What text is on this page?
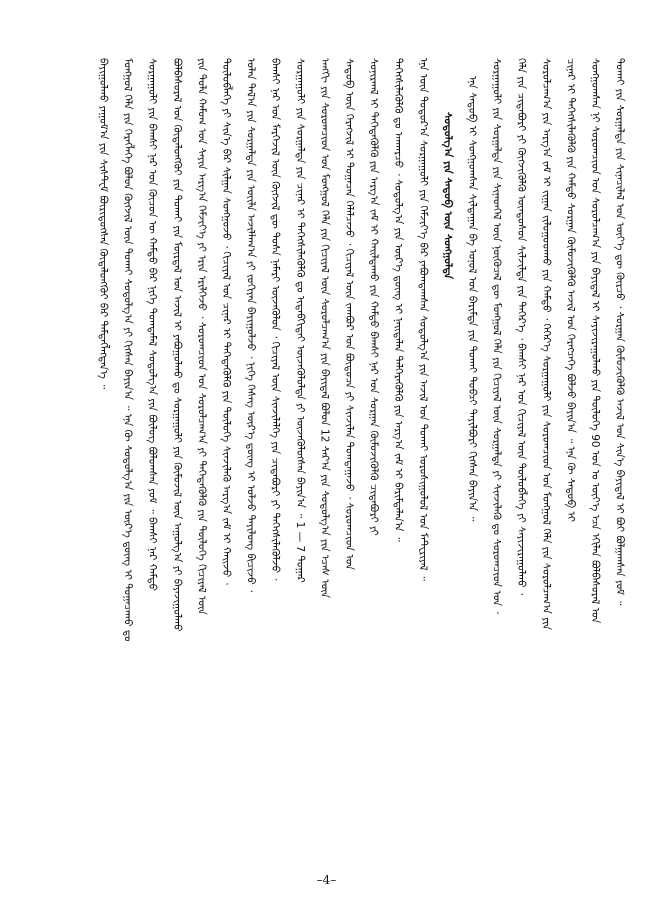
ᠪᠠᠶᠢᠭᠤᠯᠬᠤ ᠶᠠᠭᠤᠮ᠎ᠠ ᠶᠢᠨ ᠰᠢᠰᠲ᠋ᠧᠮ ᠪᠦᠷᠢᠳᠦᠭᠰᠡᠨ ᠬᠦᠳᠡᠯᠦᠩᠭᠦᠢ ᠪᠡᠷ ᠲᠡᠮᠳᠡᠭᠯᠡᠭᠳᠡᠨ᠎ᠡ ᠃ ᠮᠣᠩᠭᠣᠯ ᠬᠡᠯᠡ ᠶᠢᠨ ᠬᠡᠷᠡᠭᠯᠡᠭᠡ ᠪᠣᠯᠤᠨ ᠬᠥᠭᠵᠢᠯ ᠦᠨ ᠲᠤᠬᠠᠢ ᠰᠤᠳᠤᠯᠭ᠎ᠠ ᠶᠢ ᠬᠢᠭᠰᠡᠨ ᠪᠠᠶᠢᠨ᠎ᠠ ᠃ ᠡᠨᠡ ᠬᠦ ᠰᠤᠳᠤᠯᠭ᠎ᠠ ᠶᠢᠨ ᠦᠷ᠎ᠡ ᠳ᠋ᠦᠩ ᠢ ᠲᠣᠭᠠᠴᠠᠬᠤ ᠳᠤ ᠰᠤᠷᠭᠠᠭᠤᠯᠢ ᠶᠢᠨ ᠪᠠᠭᠰᠢ ᠨᠠᠷ ᠤᠨ ᠬᠦᠴᠦᠨ ᠦ ᠬᠠᠮᠲᠤ ᠪᠡᠷ ᠨᠢᠭᠡ ᠲᠣᠭᠲᠠᠮᠠᠯ ᠰᠤᠳᠤᠯᠭ᠎ᠠ ᠶᠢᠨ ᠪᠦᠯᠦᠭ ᠪᠣᠯᠤᠭᠰᠠᠨ ᠶᠤᠮ ᠃ ᠪᠠᠭᠰᠢ ᠨᠠᠷ ᠬᠠᠮᠲᠤ ᠪᠣᠯᠪᠠᠰᠤᠷᠠᠯ ᠤᠨ ᠬᠥᠳᠡᠯᠦᠩᠭᠦᠢ ᠶᠢᠨ ᠲᠤᠬᠠᠢ ᠶᠢᠨ ᠮᠥᠷᠳᠡᠯ ᠤᠨ ᠠᠵᠢᠯ ᠢ ᠶᠠᠪᠤᠭᠤᠯᠬᠤ ᠳᠤ ᠰᠤᠷᠭᠠᠭᠤᠯᠢ ᠶᠢᠨ ᠬᠦᠮᠦᠵᠢᠯ ᠦᠨ ᠠᠭᠤᠯᠭ᠎ᠠ ᠶᠢ ᠪᠠᠶᠠᠵᠢᠭᠤᠯᠬᠤ ᠶᠢᠨ ᠲᠤᠯᠠ ᠬᠠᠮᠤᠭ ᠤᠨ ᠰᠠᠶᠢᠨ ᠠᠷᠭ᠎ᠠ ᠬᠡᠮᠵᠢᠶ᠎ᠡ ᠶᠢ ᠡᠷᠢᠨ ᠡᠷᠢᠯᠬᠡᠵᠦ ᠂ ᠰᠤᠷᠤᠭᠴᠢᠳ ᠤᠨ ᠰᠤᠷᠤᠯᠴᠠᠭ᠎ᠠ ᠶᠢ ᠳᠡᠭᠡᠳᠡᠭᠦᠯᠬᠦ ᠶᠢᠨ ᠲᠥᠯᠦᠭᠡ ᠬᠢᠴᠢᠶᠡᠯ ᠦᠨ ᠲᠥᠯᠥᠪᠯᠡᠭᠡ ᠶᠢ ᠰᠢᠨ᠎ᠡ ᠪᠡᠷ ᠰᠢᠯᠭᠠᠨ ᠰᠣᠩᠭᠣᠵᠤ ᠂ ᠬᠢᠴᠢᠶᠡᠯ ᠤᠨ ᠴᠢᠨᠠᠷ ᠢ ᠳᠡᠭᠡᠳᠡᠭᠦᠯᠬᠦ ᠶᠢᠨ ᠲᠥᠯᠥᠭᠡ ᠰᠢᠨᠵᠢᠯᠡᠬᠦ ᠠᠷᠭ᠎ᠠ ᠵᠠᠮ ᠢ ᠬᠠᠢᠵᠤ ᠂ ᠣᠯᠠᠨ ᠲᠠᠯ᠎ᠠ ᠶᠢᠨ ᠰᠤᠷᠭᠠᠯᠲᠠ ᠶᠢᠨ ᠦᠢᠯᠡ ᠠᠵᠢᠯᠯᠠᠭ᠎ᠠ ᠶᠢ ᠵᠣᠬᠢᠶᠠᠨ ᠪᠠᠶᠢᠭᠤᠯᠵᠤ ᠂ ᠨᠢᠭᠡ ᠬᠡᠰᠡᠭ ᠦᠷ᠎ᠡ ᠳ᠋ᠦᠩ ᠢ ᠣᠯᠵᠤ ᠲᠠᠶᠢᠯᠤᠩ ᠪᠢᠴᠢᠵᠦ ᠂ ᠪᠠᠭᠰᠢ ᠨᠠᠷ ᠤᠨ ᠮᠡᠷᠭᠡᠵᠢᠯ ᠦᠨ ᠬᠥᠭᠵᠢᠯ ᠳᠦ ᠲᠤᠰᠠ ᠨᠡᠮᠡᠷᠢ ᠦᠵᠡᠭᠦᠯᠦᠨ ᠂ ᠬᠢᠴᠢᠶᠡᠯ ᠦᠨ ᠰᠢᠨᠵᠢᠯᠡᠯᠭᠡ ᠶᠢᠨ ᠴᠢᠳᠠᠪᠤᠷᠢ ᠶᠢ ᠳᠡᠭᠡᠭᠰᠢᠯᠡᠭᠦᠯᠵᠦ ᠂ ᠰᠤᠷᠭᠠᠭᠤᠯᠢ ᠶᠢᠨ ᠰᠤᠷᠭᠠᠯᠲᠠ ᠶᠢᠨ ᠴᠢᠨᠠᠷ ᠢ ᠳᠡᠭᠡᠭᠰᠢᠯᠡᠭᠦᠯᠬᠦ ᠳᠤ ᠢᠳᠡᠪᠬᠢᠲᠡᠢ ᠦᠵᠡᠭᠦᠯᠦᠯᠲᠡ ᠶᠢ ᠦᠵᠡᠭᠦᠯᠦᠭᠰᠡᠨ ᠪᠠᠶᠢᠨ᠎ᠠ ᠃ 1 — 7 ᠳᠤᠭᠠᠷ ᠠᠩᠭᠢ ᠶᠢᠨ ᠰᠤᠷᠤᠭᠴᠢᠳ ᠤᠨ ᠮᠣᠩᠭᠣᠯ ᠬᠡᠯᠡ ᠶᠢᠨ ᠬᠢᠴᠢᠶᠡᠯ ᠦᠨ ᠰᠤᠷᠤᠯᠴᠠᠭ᠎ᠠ ᠶᠢᠨ ᠪᠠᠶᠢᠳᠠᠯ ᠪᠣᠯᠤᠨ 12 ᠰᠠᠷ᠎ᠠ ᠶᠢᠨ ᠰᠤᠳᠤᠯᠭ᠎ᠠ ᠶᠢᠨ ᠡᠴᠡᠰ ᠦᠨ ᠰᠡᠳᠦᠪ ᠦᠨ ᠬᠡᠷᠡᠭᠵᠢᠯ ᠢ ᠲᠣᠭᠠᠴᠠᠨ ᠬᠡᠯᠡᠯᠴᠡᠵᠦ ᠂ ᠬᠢᠴᠢᠶᠡᠯ ᠦᠨ ᠵᠠᠭᠪᠤᠷ ᠤᠨ ᠪᠦᠲᠦᠴᠡ ᠶᠢ ᠰᠢᠨᠵᠢᠯᠡᠨ ᠲᠣᠭᠲᠠᠭᠠᠵᠤ ᠂ ᠰᠤᠷᠤᠭᠴᠢᠳ ᠤᠨ ᠰᠣᠨᠢᠷᠬᠠᠯ ᠢ ᠳᠡᠭᠡᠳᠡᠭᠦᠯᠬᠦ ᠶᠢᠨ ᠠᠷᠭ᠎ᠠ ᠵᠠᠮ ᠢ ᠬᠠᠢᠯᠳᠠᠬᠤ ᠶᠢᠨ ᠬᠠᠮᠲᠤ ᠪᠠᠭᠰᠢ ᠨᠠᠷ ᠤᠨ ᠰᠤᠷᠭᠠᠨ ᠬᠦᠮᠦᠵᠢᠭᠦᠯᠬᠦ ᠴᠢᠳᠠᠪᠤᠷᠢ ᠶᠢ ᠳᠡᠭᠡᠭᠰᠢᠯᠡᠭᠦᠯᠬᠦ ᠳᠤ ᠠᠨᠬᠠᠷᠴᠤ ᠂ ᠰᠤᠳᠤᠯᠭ᠎ᠠ ᠶᠢᠨ ᠦᠷ᠎ᠡ ᠳ᠋ᠦᠩ ᠢ ᠨᠡᠢᠲᠡᠯᠡᠨ ᠳᠡᠯᠭᠡᠷᠡᠭᠦᠯᠬᠦ ᠶᠢᠨ ᠠᠷᠭ᠎ᠠ ᠵᠠᠮ ᠢ ᠪᠠᠷᠢᠮᠳᠠᠯᠠᠨ᠎ᠠ ᠃ ᠡᠨᠡ ᠦᠨ ᠳᠣᠲᠣᠷ᠎ᠠ ᠰᠤᠷᠭᠠᠭᠤᠯᠢ ᠶᠢᠨ ᠬᠡᠮᠵᠢᠶ᠎ᠡ ᠪᠡᠷ ᠶᠠᠪᠤᠭᠳᠠᠭᠰᠠᠨ ᠰᠤᠳᠤᠯᠭ᠎ᠠ ᠶᠢᠨ ᠠᠵᠢᠯ ᠤᠨ ᠲᠤᠬᠠᠢ ᠣᠷᠣᠰᠢᠭᠤᠯᠤᠯ ᠤᠨ ᠮᠠᠲ᠋ᠧᠷᠢᠶᠠᠯ ᠃ ᠰᠤᠳᠤᠯᠭ᠎ᠠ ᠶᠢᠨ ᠰᠡᠳᠦᠪ ᠦᠨ ᠰᠣᠩᠭᠤᠯᠲᠠ ᠡᠨᠡ ᠰᠡᠳᠦᠪ ᠢ ᠰᠣᠩᠭᠣᠭᠰᠠᠨ ᠰᠢᠯᠲᠠᠭᠠᠨ ᠪᠠ ᠣᠨᠣᠯ ᠤᠨ ᠪᠠᠷᠢᠮᠲᠠ ᠶᠢᠨ ᠲᠤᠬᠠᠢ ᠲᠣᠪᠴᠢ ᠲᠠᠶᠢᠯᠪᠤᠷᠢ ᠬᠢᠭᠰᠡᠨ ᠪᠠᠶᠢᠨ᠎ᠠ ᠃ ᠰᠤᠷᠭᠠᠭᠤᠯᠢ ᠶᠢᠨ ᠰᠤᠷᠭᠠᠯᠲᠠ ᠶᠢᠨ ᠰᠢᠨᠡᠳᠬᠡᠯ ᠦᠨ ᠨᠥᠬᠦᠴᠡᠯ ᠳᠦ ᠮᠣᠩᠭᠣᠯ ᠬᠡᠯᠡ ᠶᠢᠨ ᠬᠢᠴᠢᠶᠡᠯ ᠦᠨ ᠰᠤᠷᠭᠠᠯᠲᠠ ᠶᠢ ᠰᠢᠨᠵᠢᠯᠡᠬᠦ ᠳᠤ ᠰᠤᠷᠤᠭᠴᠢᠳ ᠤᠨ ᠂ ᠬᠡᠯᠡ ᠶᠢᠨ ᠴᠢᠳᠠᠪᠤᠷᠢ ᠶᠢ ᠬᠥᠭᠵᠢᠭᠦᠯᠬᠦ ᠦᠨᠳᠦᠰᠦᠨ ᠰᠢᠯᠵᠢᠯᠲᠡ ᠶᠢᠨ ᠳᠡᠭᠡᠷ᠎ᠡ ᠂ ᠪᠠᠭᠰᠢ ᠨᠠᠷ ᠤᠨ ᠬᠢᠴᠢᠶᠡᠯ ᠦᠨ ᠲᠥᠯᠥᠪᠯᠡᠭᠡ ᠶᠢ ᠰᠠᠶᠢᠵᠢᠷᠠᠭᠤᠯᠬᠤ ᠂ ᠰᠤᠷᠤᠯᠴᠠᠭ᠎ᠠ ᠶᠢᠨ ᠠᠷᠭ᠎ᠠ ᠵᠠᠮ ᠢ ᠵᠢᠭᠠᠨ ᠵᠢᠯᠤᠭᠤᠳᠬᠤ ᠶᠢᠨ ᠬᠠᠮᠲᠤ ᠂ ᠬᠡᠭᠡᠷ᠎ᠡ ᠰᠤᠷᠭᠠᠭᠤᠯᠢ ᠶᠢᠨ ᠰᠤᠷᠤᠭᠴᠢᠳ ᠤᠨ ᠮᠣᠩᠭᠣᠯ ᠬᠡᠯᠡ ᠶᠢᠨ ᠰᠤᠷᠤᠯᠴᠠᠭ᠎ᠠ ᠶᠢᠨ ᠴᠢᠨᠠᠷ ᠢ ᠳᠡᠭᠡᠭᠰᠢᠯᠡᠭᠦᠯᠬᠦ ᠶᠢᠨ ᠬᠠᠮᠲᠤ ᠰᠤᠷᠭᠠᠨ ᠬᠦᠮᠦᠵᠢᠭᠦᠯᠬᠦ ᠠᠵᠢᠯ ᠤᠨ ᠬᠡᠷᠡᠭᠴᠡᠭᠡ ᠪᠣᠯᠵᠤ ᠪᠠᠶᠢᠨ᠎ᠠ ᠃ ᠡᠨᠡ ᠬᠦ ᠰᠡᠳᠦᠪ ᠢ ᠰᠣᠩᠭᠣᠭᠰᠠᠨ ᠨᠢ ᠰᠤᠷᠤᠭᠴᠢᠳ ᠤᠨ ᠰᠤᠷᠤᠯᠴᠠᠭ᠎ᠠ ᠶᠢᠨ ᠪᠠᠶᠢᠳᠠᠯ ᠢ ᠰᠠᠶᠢᠵᠢᠷᠠᠭᠤᠯᠬᠤ ᠶᠢᠨ ᠲᠥᠯᠥᠭᠡ 90 ᠣᠨ ᠤ ᠦᠶ᠎ᠡ ᠡᠴᠡ ᠡᠬᠢᠯᠡᠨ ᠪᠣᠯᠪᠠᠰᠤᠷᠠᠯ ᠤᠨ ᠲᠤᠬᠠᠢ ᠶᠢᠨ ᠰᠤᠷᠭᠠᠯᠲᠠ ᠶᠢᠨ ᠰᠢᠨᠡᠴᠢᠯᠡᠯ ᠤᠨ ᠦᠶ᠎ᠡ ᠳᠦ ᠬᠦᠷᠴᠦ ᠂ ᠰᠤᠷᠭᠠᠨ ᠬᠦᠮᠦᠵᠢᠭᠦᠯᠬᠦ ᠠᠵᠢᠯ ᠤᠨ ᠰᠢᠨ᠎ᠡ ᠪᠠᠶᠢᠳᠠᠯ ᠢ ᠪᠤᠢ ᠪᠣᠯᠭᠠᠭᠰᠠᠨ ᠶᠤᠮ ᠃
–4–
